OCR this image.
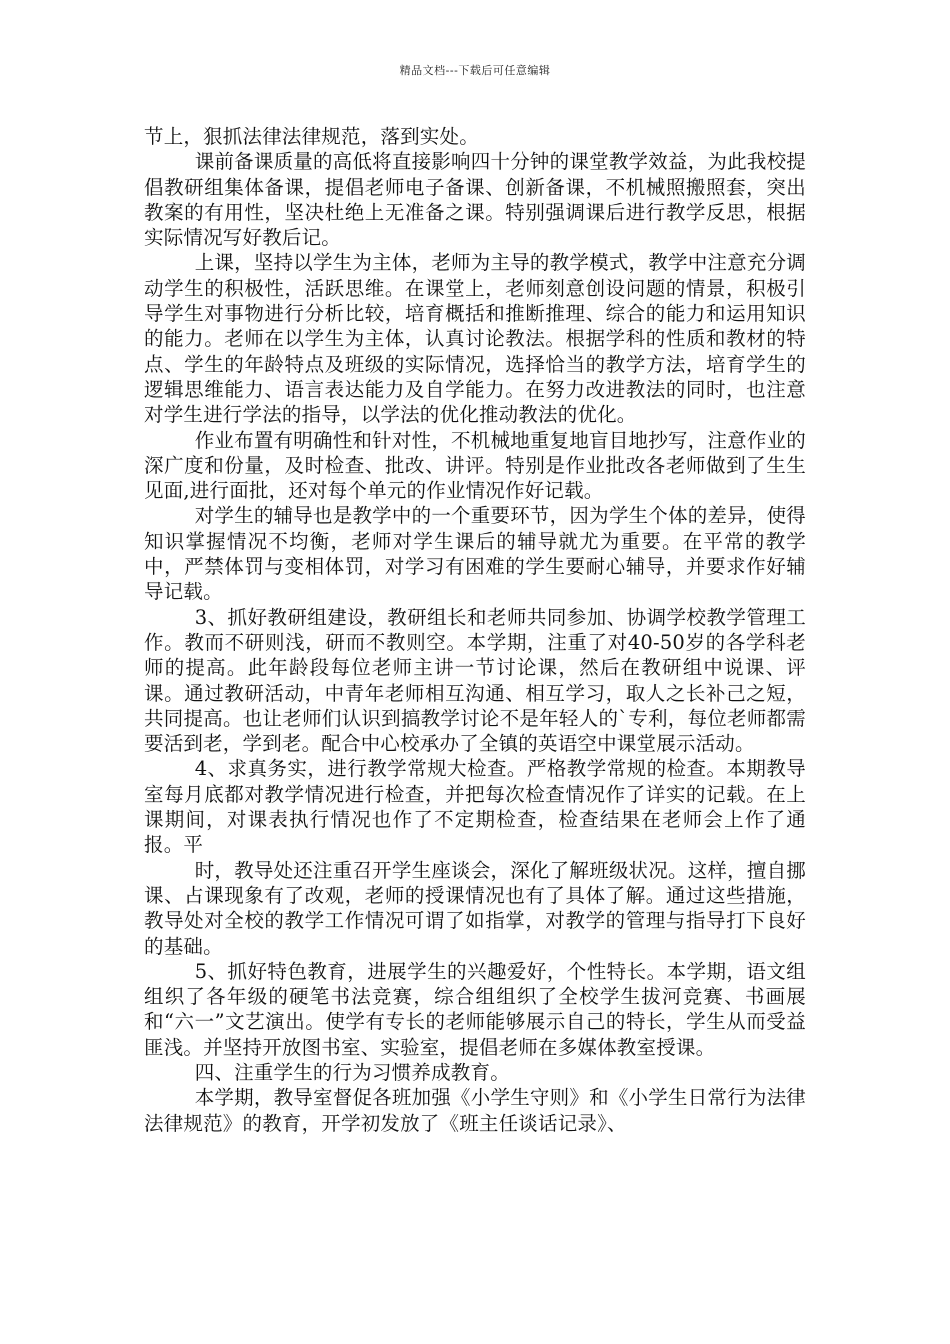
精品文档---下载后可任意编辑

节上，狠抓法律法律规范，落到实处。

课前备课质量的高低将直接影响四十分钟的课堂教学效益，为此我校提倡教研组集体备课，提倡老师电子备课、创新备课，不机械照搬照套，突出教案的有用性，坚决杜绝上无准备之课。特别强调课后进行教学反思，根据实际情况写好教后记。

上课，坚持以学生为主体，老师为主导的教学模式，教学中注意充分调动学生的积极性，活跃思维。在课堂上，老师刻意创设问题的情景，积极引导学生对事物进行分析比较，培育概括和推断推理、综合的能力和运用知识的能力。老师在以学生为主体，认真讨论教法。根据学科的性质和教材的特点、学生的年龄特点及班级的实际情况，选择恰当的教学方法，培育学生的逻辑思维能力、语言表达能力及自学能力。在努力改进教法的同时，也注意对学生进行学法的指导，以学法的优化推动教法的优化。

作业布置有明确性和针对性，不机械地重复地盲目地抄写，注意作业的深广度和份量，及时检查、批改、讲评。特别是作业批改各老师做到了生生见面,进行面批，还对每个单元的作业情况作好记载。

对学生的辅导也是教学中的一个重要环节，因为学生个体的差异，使得知识掌握情况不均衡，老师对学生课后的辅导就尤为重要。在平常的教学中，严禁体罚与变相体罚，对学习有困难的学生要耐心辅导，并要求作好辅导记载。

3、抓好教研组建设，教研组长和老师共同参加、协调学校教学管理工作。教而不研则浅，研而不教则空。本学期，注重了对40-50岁的各学科老师的提高。此年龄段每位老师主讲一节讨论课，然后在教研组中说课、评课。通过教研活动，中青年老师相互沟通、相互学习，取人之长补己之短，共同提高。也让老师们认识到搞教学讨论不是年轻人的`专利，每位老师都需要活到老，学到老。配合中心校承办了全镇的英语空中课堂展示活动。

4、求真务实，进行教学常规大检查。严格教学常规的检查。本期教导室每月底都对教学情况进行检查，并把每次检查情况作了详实的记载。在上课期间，对课表执行情况也作了不定期检查，检查结果在老师会上作了通报。平

时，教导处还注重召开学生座谈会，深化了解班级状况。这样，擅自挪课、占课现象有了改观，老师的授课情况也有了具体了解。通过这些措施，教导处对全校的教学工作情况可谓了如指掌，对教学的管理与指导打下良好的基础。

5、抓好特色教育，进展学生的兴趣爱好，个性特长。本学期，语文组组织了各年级的硬笔书法竞赛，综合组组织了全校学生拔河竞赛、书画展和“六一”文艺演出。使学有专长的老师能够展示自己的特长，学生从而受益匪浅。并坚持开放图书室、实验室，提倡老师在多媒体教室授课。

四、注重学生的行为习惯养成教育。

本学期，教导室督促各班加强《小学生守则》和《小学生日常行为法律法律规范》的教育，开学初发放了《班主任谈话记录》、
